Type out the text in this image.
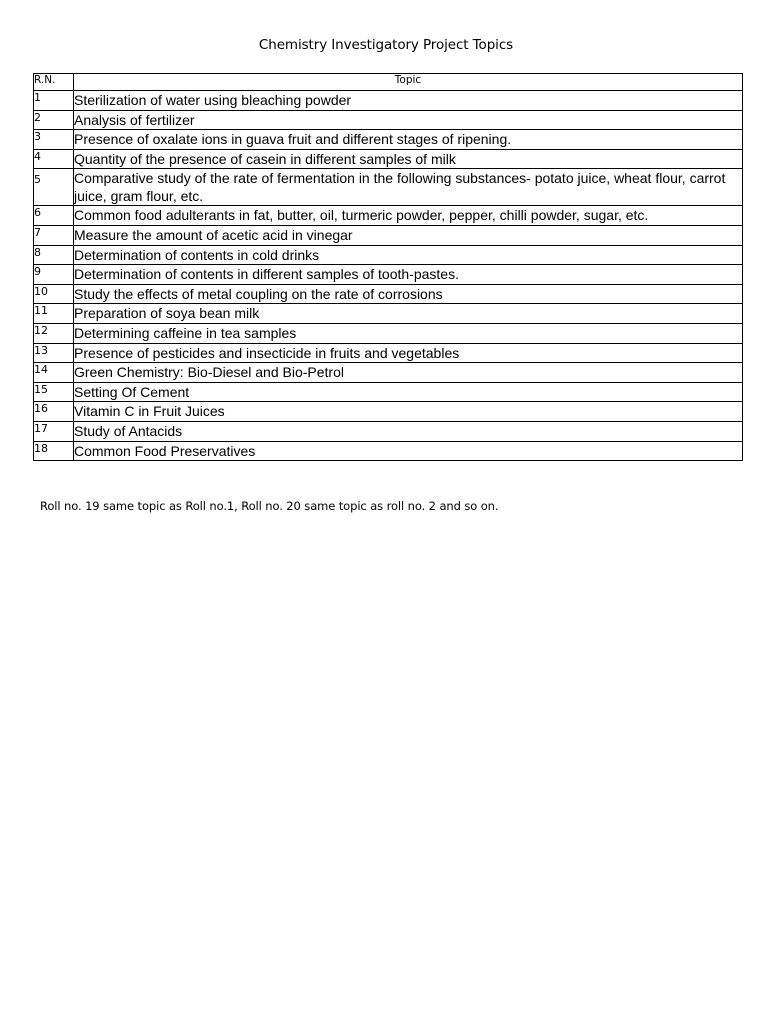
Chemistry Investigatory Project Topics
R.N.	Topic
1	Sterilization of water using bleaching powder
2	Analysis of fertilizer
3	Presence of oxalate ions in guava fruit and different stages of ripening.
4	Quantity of the presence of casein in different samples of milk
5	Comparative study of the rate of fermentation in the following substances- potato juice, wheat flour, carrot juice, gram flour, etc.
6	Common food adulterants in fat, butter, oil, turmeric powder, pepper, chilli powder, sugar, etc.
7	Measure the amount of acetic acid in vinegar
8	Determination of contents in cold drinks
9	Determination of contents in different samples of tooth-pastes.
10	Study the effects of metal coupling on the rate of corrosions
11	Preparation of soya bean milk
12	Determining caffeine in tea samples
13	Presence of pesticides and insecticide in fruits and vegetables
14	Green Chemistry: Bio-Diesel and Bio-Petrol
15	Setting Of Cement
16	Vitamin C in Fruit Juices
17	Study of Antacids
18	Common Food Preservatives
Roll no. 19 same topic as Roll no.1, Roll no. 20 same topic as roll no. 2 and so on.
